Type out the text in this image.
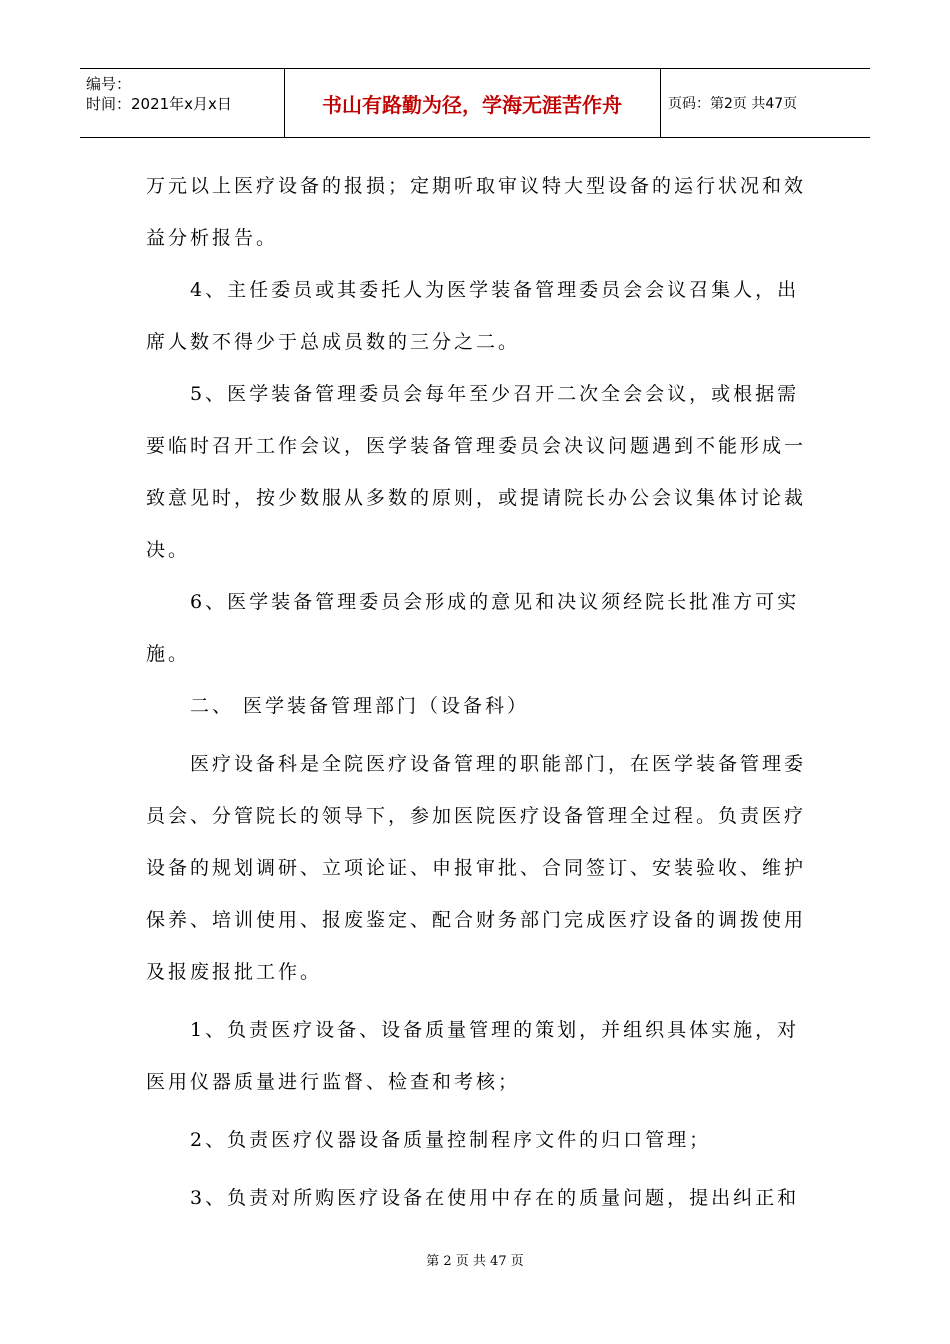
编号：
时间：2021年x月x日	书山有路勤为径，学海无涯苦作舟	页码：第2页 共47页

万元以上医疗设备的报损；定期听取审议特大型设备的运行状况和效益分析报告。

4、主任委员或其委托人为医学装备管理委员会会议召集人，出席人数不得少于总成员数的三分之二。

5、医学装备管理委员会每年至少召开二次全会会议，或根据需要临时召开工作会议，医学装备管理委员会决议问题遇到不能形成一致意见时，按少数服从多数的原则，或提请院长办公会议集体讨论裁决。

6、医学装备管理委员会形成的意见和决议须经院长批准方可实施。

二、 医学装备管理部门（设备科）

医疗设备科是全院医疗设备管理的职能部门，在医学装备管理委员会、分管院长的领导下，参加医院医疗设备管理全过程。负责医疗设备的规划调研、立项论证、申报审批、合同签订、安装验收、维护保养、培训使用、报废鉴定、配合财务部门完成医疗设备的调拨使用及报废报批工作。

1、负责医疗设备、设备质量管理的策划，并组织具体实施，对医用仪器质量进行监督、检查和考核；

2、负责医疗仪器设备质量控制程序文件的归口管理；

3、负责对所购医疗设备在使用中存在的质量问题，提出纠正和

第 2 页 共 47 页
